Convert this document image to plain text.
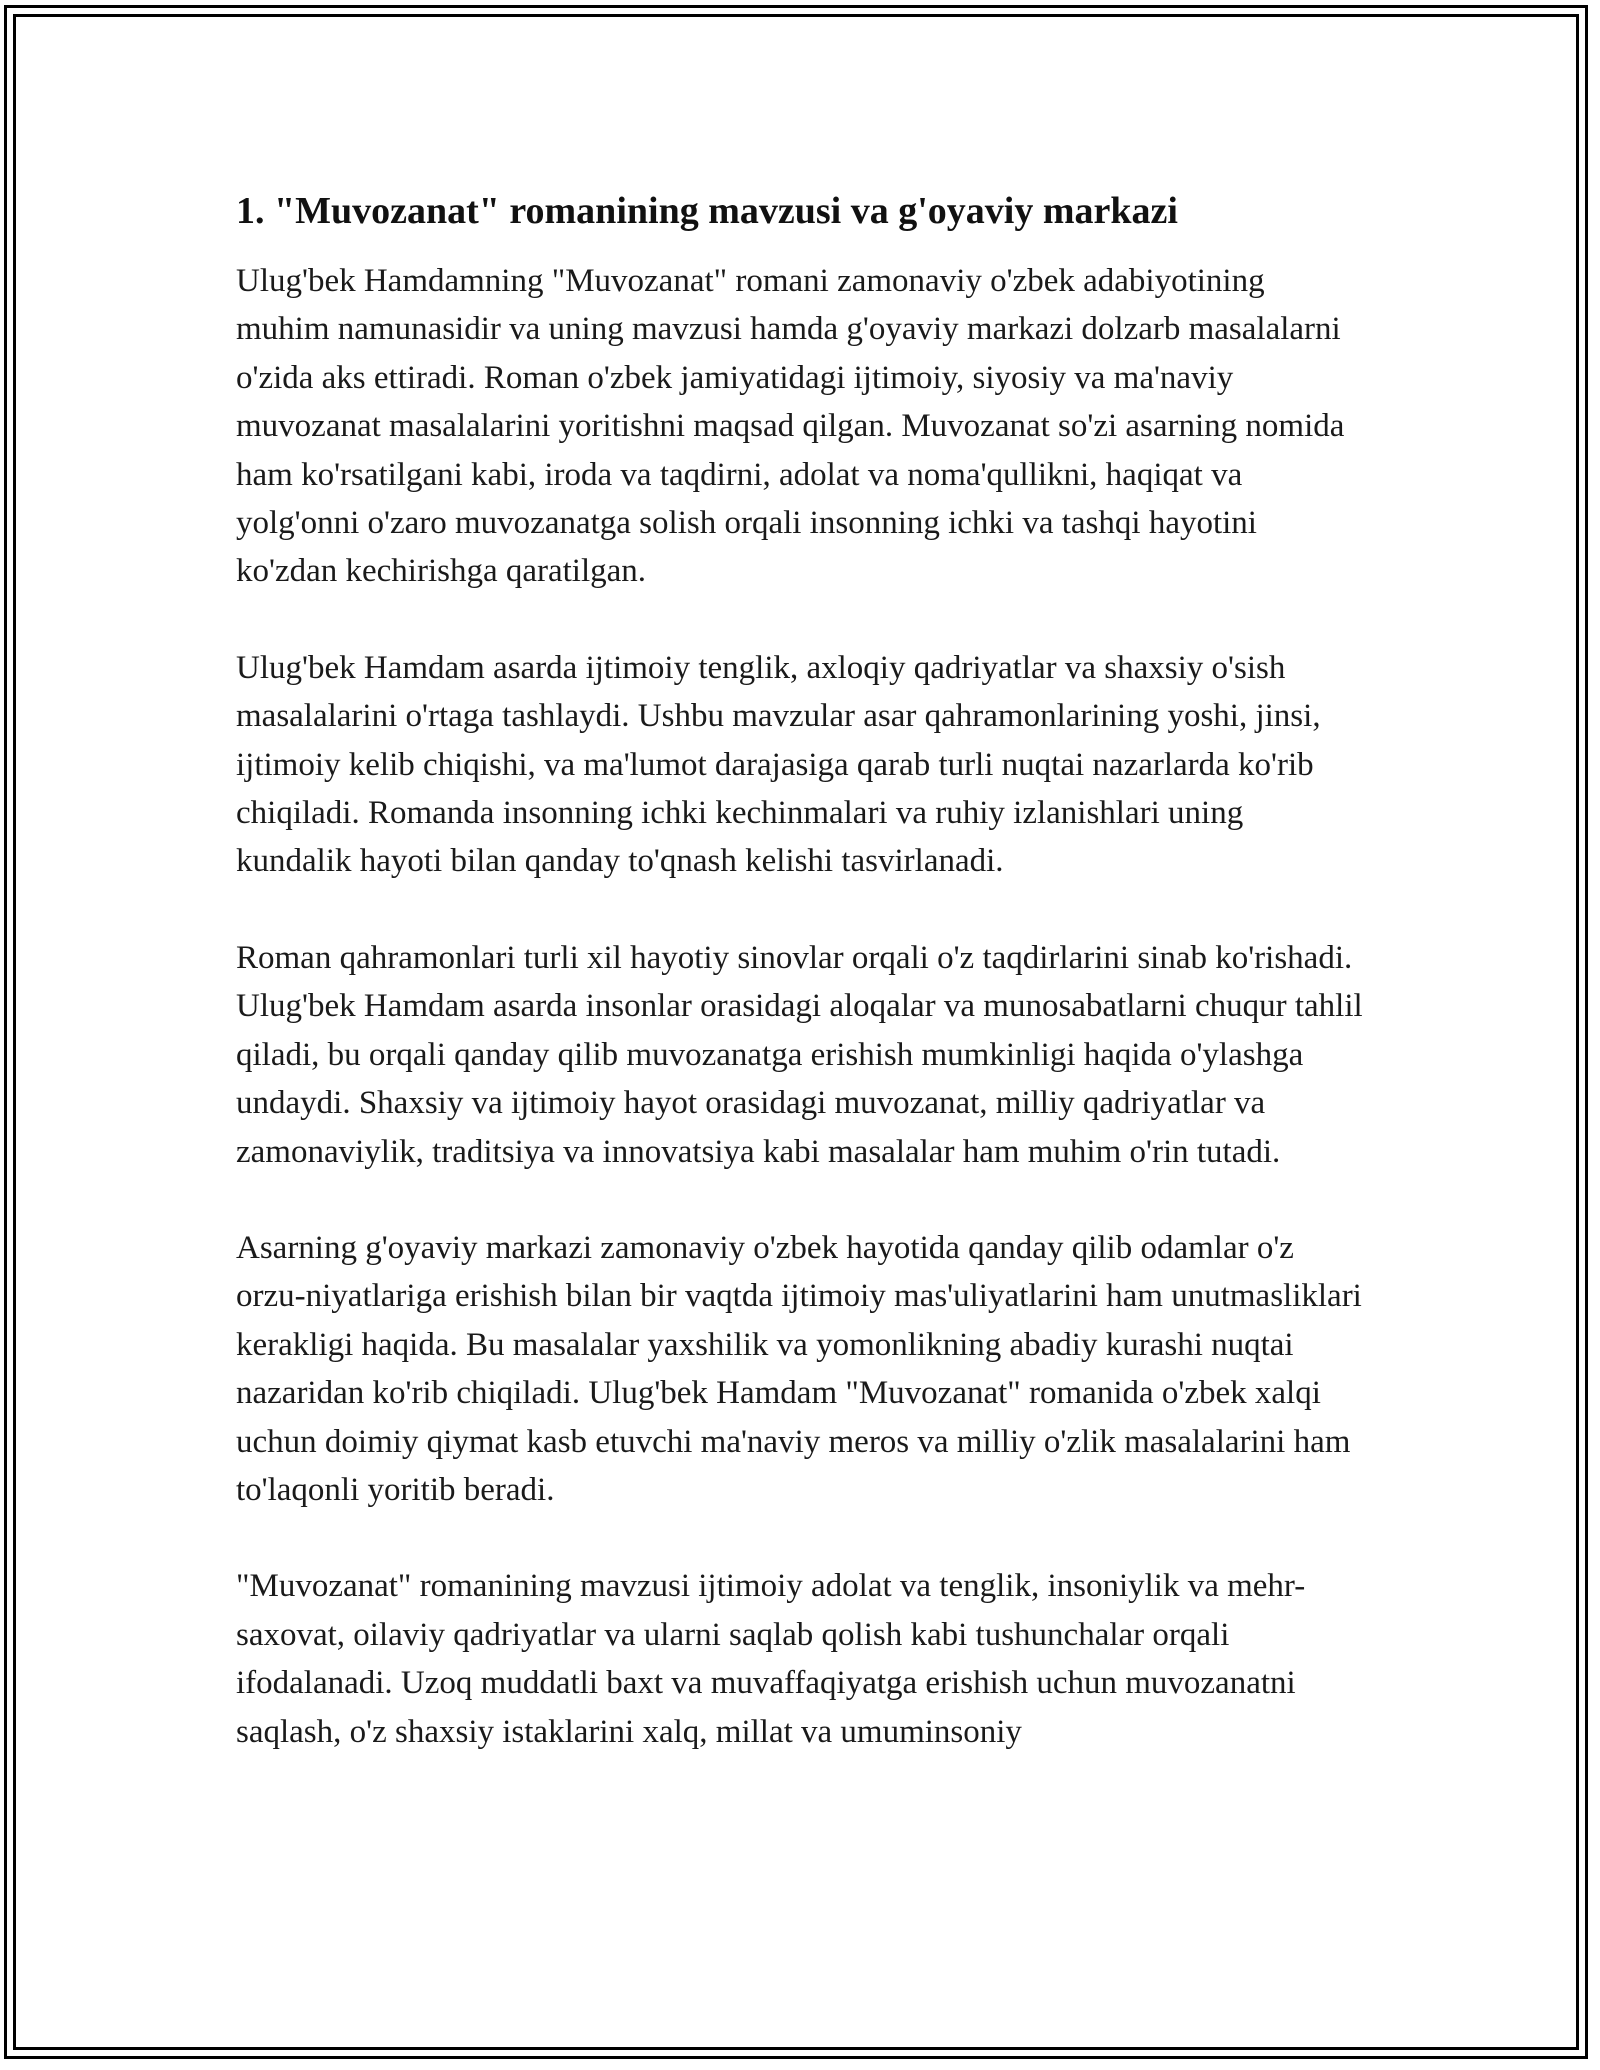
1. "Muvozanat" romanining mavzusi va g'oyaviy markazi

Ulug'bek Hamdamning "Muvozanat" romani zamonaviy o'zbek adabiyotining muhim namunasidir va uning mavzusi hamda g'oyaviy markazi dolzarb masalalarni o'zida aks ettiradi. Roman o'zbek jamiyatidagi ijtimoiy, siyosiy va ma'naviy muvozanat masalalarini yoritishni maqsad qilgan. Muvozanat so'zi asarning nomida ham ko'rsatilgani kabi, iroda va taqdirni, adolat va noma'qullikni, haqiqat va yolg'onni o'zaro muvozanatga solish orqali insonning ichki va tashqi hayotini ko'zdan kechirishga qaratilgan.

Ulug'bek Hamdam asarda ijtimoiy tenglik, axloqiy qadriyatlar va shaxsiy o'sish masalalarini o'rtaga tashlaydi. Ushbu mavzular asar qahramonlarining yoshi, jinsi, ijtimoiy kelib chiqishi, va ma'lumot darajasiga qarab turli nuqtai nazarlarda ko'rib chiqiladi. Romanda insonning ichki kechinmalari va ruhiy izlanishlari uning kundalik hayoti bilan qanday to'qnash kelishi tasvirlanadi.

Roman qahramonlari turli xil hayotiy sinovlar orqali o'z taqdirlarini sinab ko'rishadi. Ulug'bek Hamdam asarda insonlar orasidagi aloqalar va munosabatlarni chuqur tahlil qiladi, bu orqali qanday qilib muvozanatga erishish mumkinligi haqida o'ylashga undaydi. Shaxsiy va ijtimoiy hayot orasidagi muvozanat, milliy qadriyatlar va zamonaviylik, traditsiya va innovatsiya kabi masalalar ham muhim o'rin tutadi.

Asarning g'oyaviy markazi zamonaviy o'zbek hayotida qanday qilib odamlar o'z orzu-niyatlariga erishish bilan bir vaqtda ijtimoiy mas'uliyatlarini ham unutmasliklari kerakligi haqida. Bu masalalar yaxshilik va yomonlikning abadiy kurashi nuqtai nazaridan ko'rib chiqiladi. Ulug'bek Hamdam "Muvozanat" romanida o'zbek xalqi uchun doimiy qiymat kasb etuvchi ma'naviy meros va milliy o'zlik masalalarini ham to'laqonli yoritib beradi.

"Muvozanat" romanining mavzusi ijtimoiy adolat va tenglik, insoniylik va mehr-saxovat, oilaviy qadriyatlar va ularni saqlab qolish kabi tushunchalar orqali ifodalanadi. Uzoq muddatli baxt va muvaffaqiyatga erishish uchun muvozanatni saqlash, o'z shaxsiy istaklarini xalq, millat va umuminsoniy
